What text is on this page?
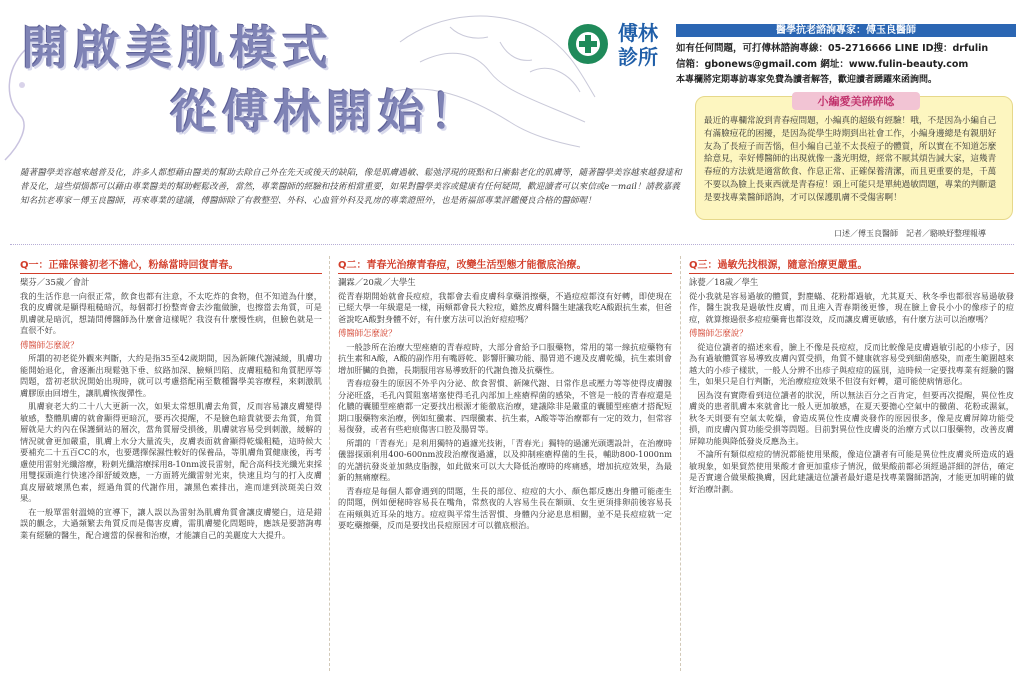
開啟美肌模式
從傅林開始！
傅林
診所
醫學抗老諮詢專家：傅玉良醫師
如有任何問題，可打傅林諮詢專線：05-2716666 LINE ID搜：drfulin
信箱：gbonews@gmail.com 網址：www.fulin-beauty.com
本專欄將定期專訪專家免費為讀者解答，歡迎讀者踴躍來函詢問。
最近的專欄常說到青春痘問題，小編真的超級有經驗！哦，不是因為小編自己有滿臉痘花的困擾，是因為從學生時期到出社會工作，小編身邊總是有親朋好友為了長痘子而苦惱，但小編自己並不太長痘子的體質，所以實在不知道怎麼給意見，幸好傅醫師的出現就像一盞光明燈，經常不厭其煩告誡大家，這幾青春痘的方法就是適當飲食、作息正常、正確保養清潔，而且更重要的是，千萬不要以為臉上長東西就是青春痘！頭上可能只是單純過敏問題，專業的判斷還是要找專業醫師諮詢，才可以保護肌膚不受傷害啊！
小編愛美碎碎唸
隨著醫學美容越來越普及化，許多人都想藉由醫美的幫助去除自己外在先天或後天的缺陷，像是肌膚過敏、鬆弛浮現的斑點和日漸黏老化的肌膚等，隨著醫學美容越來越發達和普及化，這些煩惱都可以藉由專業醫美的幫助輕鬆改善，當然，專業醫師的經驗和技術相當重要，如果對醫學美容或健康有任何疑問，歡迎讀者可以來信或e－mail！請教嘉義知名抗老專家－傅玉良醫師，再來專業的建議，傅醫師除了有教整型、外科、心血管外科及乳房的專業證照外，也是術福部專業評鑑優良合格的醫師喔！
口述／傅玉良醫師　記者／駱映妤整理報導
Q一：正確保養初老不擔心，粉絲當時回復青春。
檗芬／35歲／會計

我的生活作息一向很正常，飲食也都有注意，不太吃炸的食物，但不知道為什麼，我的皮膚就是顯得粗糙暗沉，每個都打扮整齊會去沙龍做臉，也擦當去角質，可是肌膚就是暗沉，想請問傅醫師為什麼會這樣呢？我沒有什麼慢性病，但臉色就是一直很不好。

傅醫師怎麼說？

所謂的初老從外觀來判斷，大約是指35至42歲期間，因為新陳代謝減緩，肌膚功能開始退化，會逐漸出現鬆弛下垂、紋路加深、臉頰凹陷、皮膚粗糙和角質肥厚等問題，當初老狀況開始出現時，就可以考慮搭配兩至數種醫學美容療程，來刺激肌膚膠原由回增生，讓肌膚恢復彈性。

肌膚衰老大約二十八大更新一次，如果太常想肌膚去角質，反而容易讓皮膚變得敏感，整體肌膚的就會顯得更暗沉，要再次提醒，不是臉色暗貴就要去角質，角質層就是大約內在保護網站的層次，當角質層受損後，肌膚就容易受到刺激，緩解的情況就會更加嚴重，肌膚上水分大量流失，皮膚表面就會顯得乾燥粗糙，這時候大要補充二十五百CC的水，也要選擇保濕性較好的保養品，等肌膚角質健康後，再考慮使用雷射光纖溶療，粉刺光纖溶療採用8-10nm波長雷射，配合高科技光纖光束採用雙探頭進行快速冷卻舒緩效應，一方面將光纖雷射光束，快速且均勻的打入皮膚真皮層破壞黑色素，經過角質的代謝作用，讓黑色素排出，進而達到淡斑美白效果。

在一般單雷射溫燒的宣導下，讓人誤以為雷射為肌膚角質會讓皮膚變白，這是錯誤的觀念，大過頻繁去角質反而是傷害皮膚，需肌膚變化問題時，應該是要諮詢專業有經驗的醫生，配合適當的保養和治療，才能讓自己的美麗度大大提升。

Q二：青春光治療青春痘，改變生活型態才能徹底治療。
瀾霖／20歲／大學生

從青春期開始就會長痘痘，我都會去看皮膚科拿藥消擦藥，不過痘痘都沒有好轉，即使現在已經大學一年級還是一樣，兩頰都會長大粒痘，雖然皮膚科醫生建議我吃A酸跟抗生素，但爸爸說吃A酸對身體不好，有什麼方法可以治好痘痘嗎？

傅醫師怎麼說？

一般診所在治療大型痤瘡的青春痘時，大部分會給予口服藥物，常用的第一線抗痘藥物有抗生素和A酸，A酸的副作用有嘴唇乾、影響肝臟功能、腸胃道不適及皮膚乾燥，抗生素則會增加肝臟的負擔，長期服用容易導致肝的代謝負擔及抗藥性。

青春痘發生的原因不外乎內分泌、飲食習慣、新陳代謝、日常作息或壓力等等使得皮膚腺分泌旺盛，毛孔內質阻塞堵塞使得毛孔內部加上痤瘡桿菌的感染，不管是一般的青春痘還是化膿的囊腫型痤瘡都一定要找出根源才能徹底治療，建議除非是嚴重的囊腫型痤瘡才搭配短期口服藥物來治療，例如紅黴素、四環黴素、抗生素，A酸等等治療都有一定的效力，但常容易復發，或者有些疤痕傷害口腔及腸胃等。

所謂的「青春光」是利用獨特的過濾光技術，「青春光」獨特的過濾光頭選設計，在治療時儀器探頭利用400-600nm波段治療復過濾，以及抑制痤瘡桿菌的生長，輔助800-1000nm的光譜抗發炎並加熱皮脂腺，如此做來可以大大降低治療時的疼痛感，增加抗痘效果，為最新的無痛療程。

青春痘是每個人都會遇到的問題，生長的部位、痘痘的大小、顏色都反應出身體可能產生的問題，例如便秘時容易長在嘴角，常熬夜的人容易生長在額頭、女生更須排卵前後容易長在兩頰與近耳朵的地方。痘痘與平常生活習慣、身體內分泌息息相關，並不是長痘痘就一定要吃藥擦藥，反而是要找出長痘原因才可以徹底根治。

Q三：過敏先找根源，隨意治療更嚴重。
詠甍／18歲／學生

從小我就是容易過敏的體質，對塵蟎、花粉都過敏，尤其夏天、秋冬季也都很容易過敏發作，醫生說我是過敏性皮膚，而且進入青春期後更慘，現在臉上會長小小的像疹子的痘痘，就算擦過很多痘痘藥膏也都沒效，反而讓皮膚更敏感，有什麼方法可以治療嗎？

傅醫師怎麼說？

從這位讀者的描述來看，臉上不像是長痘痘，反而比較像是皮膚過敏引起的小疹子，因為有過敏體質容易導致皮膚內質受損，角質不健康就容易受到細菌感染，而產生範圍越來越大的小疹子樣狀，一般人分辨不出疹子與痘痘的區別，這時候一定要找專業有經驗的醫生，如果只是自行判斷，光治療痘痘效果不但沒有好轉，還可能使病情惡化。

因為沒有實際看到這位讀者的狀況，所以無法百分之百肯定，但要再次提醒，異位性皮膚炎的患者肌膚本來就會比一般人更加敏感，在夏天要擔心空氣中的黴菌、花粉或濕氣，秋冬天則要有空氣太乾燥，會造成異位性皮膚炎發作的原因很多，像是皮膚屏障功能受損，而皮膚內質功能受損等問題。目前對異位性皮膚炎的治療方式以口服藥物，改善皮膚屏障功能與降低發炎反應為主。

不論所有類似痘痘的情況都能使用果酸，像這位讀者有可能是異位性皮膚炎所造成的過敏現象，如果貿然使用果酸才會更加重疹子情況，做果酸前都必須經過詳細的評估，確定是否實適合做果酸換膚，因此建議這位讀者最好還是找專業醫師諮詢，才能更加明確的做好治療計劃。
